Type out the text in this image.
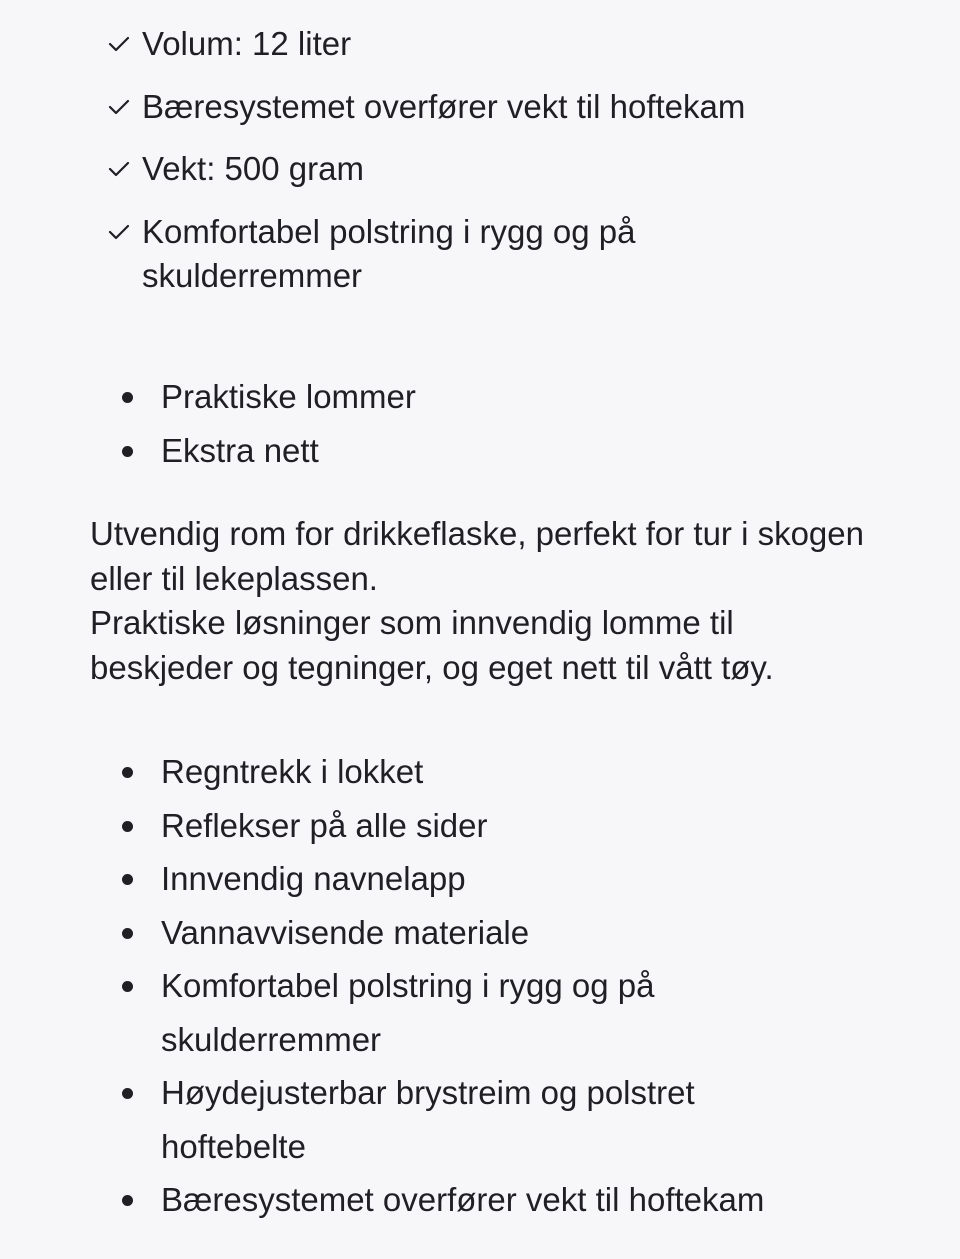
Volum: 12 liter
Bæresystemet overfører vekt til hoftekam
Vekt: 500 gram
Komfortabel polstring i rygg og på skulderremmer
Praktiske lommer
Ekstra nett

Utvendig rom for drikkeflaske, perfekt for tur i skogen eller til lekeplassen.
Praktiske løsninger som innvendig lomme til beskjeder og tegninger, og eget nett til vått tøy.

Regntrekk i lokket
Reflekser på alle sider
Innvendig navnelapp
Vannavvisende materiale
Komfortabel polstring i rygg og på skulderremmer
Høydejusterbar brystreim og polstret hoftebelte
Bæresystemet overfører vekt til hoftekam
